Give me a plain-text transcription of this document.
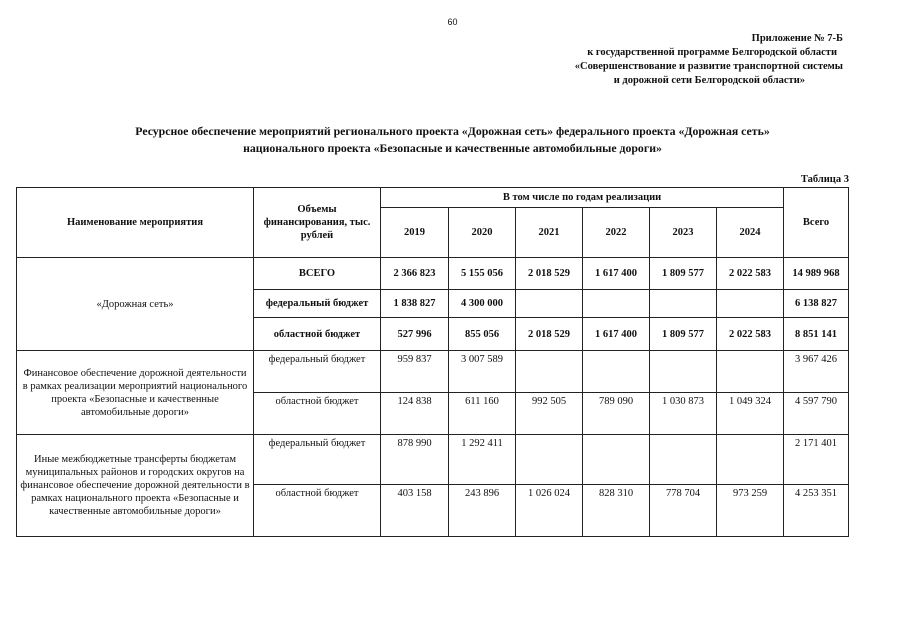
60
Приложение № 7-Б
к государственной программе Белгородской области
«Совершенствование и развитие транспортной системы
и дорожной сети Белгородской области»
Ресурсное обеспечение мероприятий регионального проекта «Дорожная сеть» федерального проекта «Дорожная сеть»
национального проекта «Безопасные и качественные автомобильные дороги»
Таблица 3
Наименование мероприятия	Объемы финансирования, тыс. рублей	В том числе по годам реализации						Всего
		2019	2020	2021	2022	2023	2024	
«Дорожная сеть»	ВСЕГО	2 366 823	5 155 056	2 018 529	1 617 400	1 809 577	2 022 583	14 989 968
	федеральный бюджет	1 838 827	4 300 000					6 138 827
	областной бюджет	527 996	855 056	2 018 529	1 617 400	1 809 577	2 022 583	8 851 141
Финансовое обеспечение дорожной деятельности в рамках реализации мероприятий национального проекта «Безопасные и качественные автомобильные дороги»	федеральный бюджет	959 837	3 007 589					3 967 426
	областной бюджет	124 838	611 160	992 505	789 090	1 030 873	1 049 324	4 597 790
Иные межбюджетные трансферты бюджетам муниципальных районов и городских округов на финансовое обеспечение дорожной деятельности в рамках национального проекта «Безопасные и качественные автомобильные дороги»	федеральный бюджет	878 990	1 292 411					2 171 401
	областной бюджет	403 158	243 896	1 026 024	828 310	778 704	973 259	4 253 351
